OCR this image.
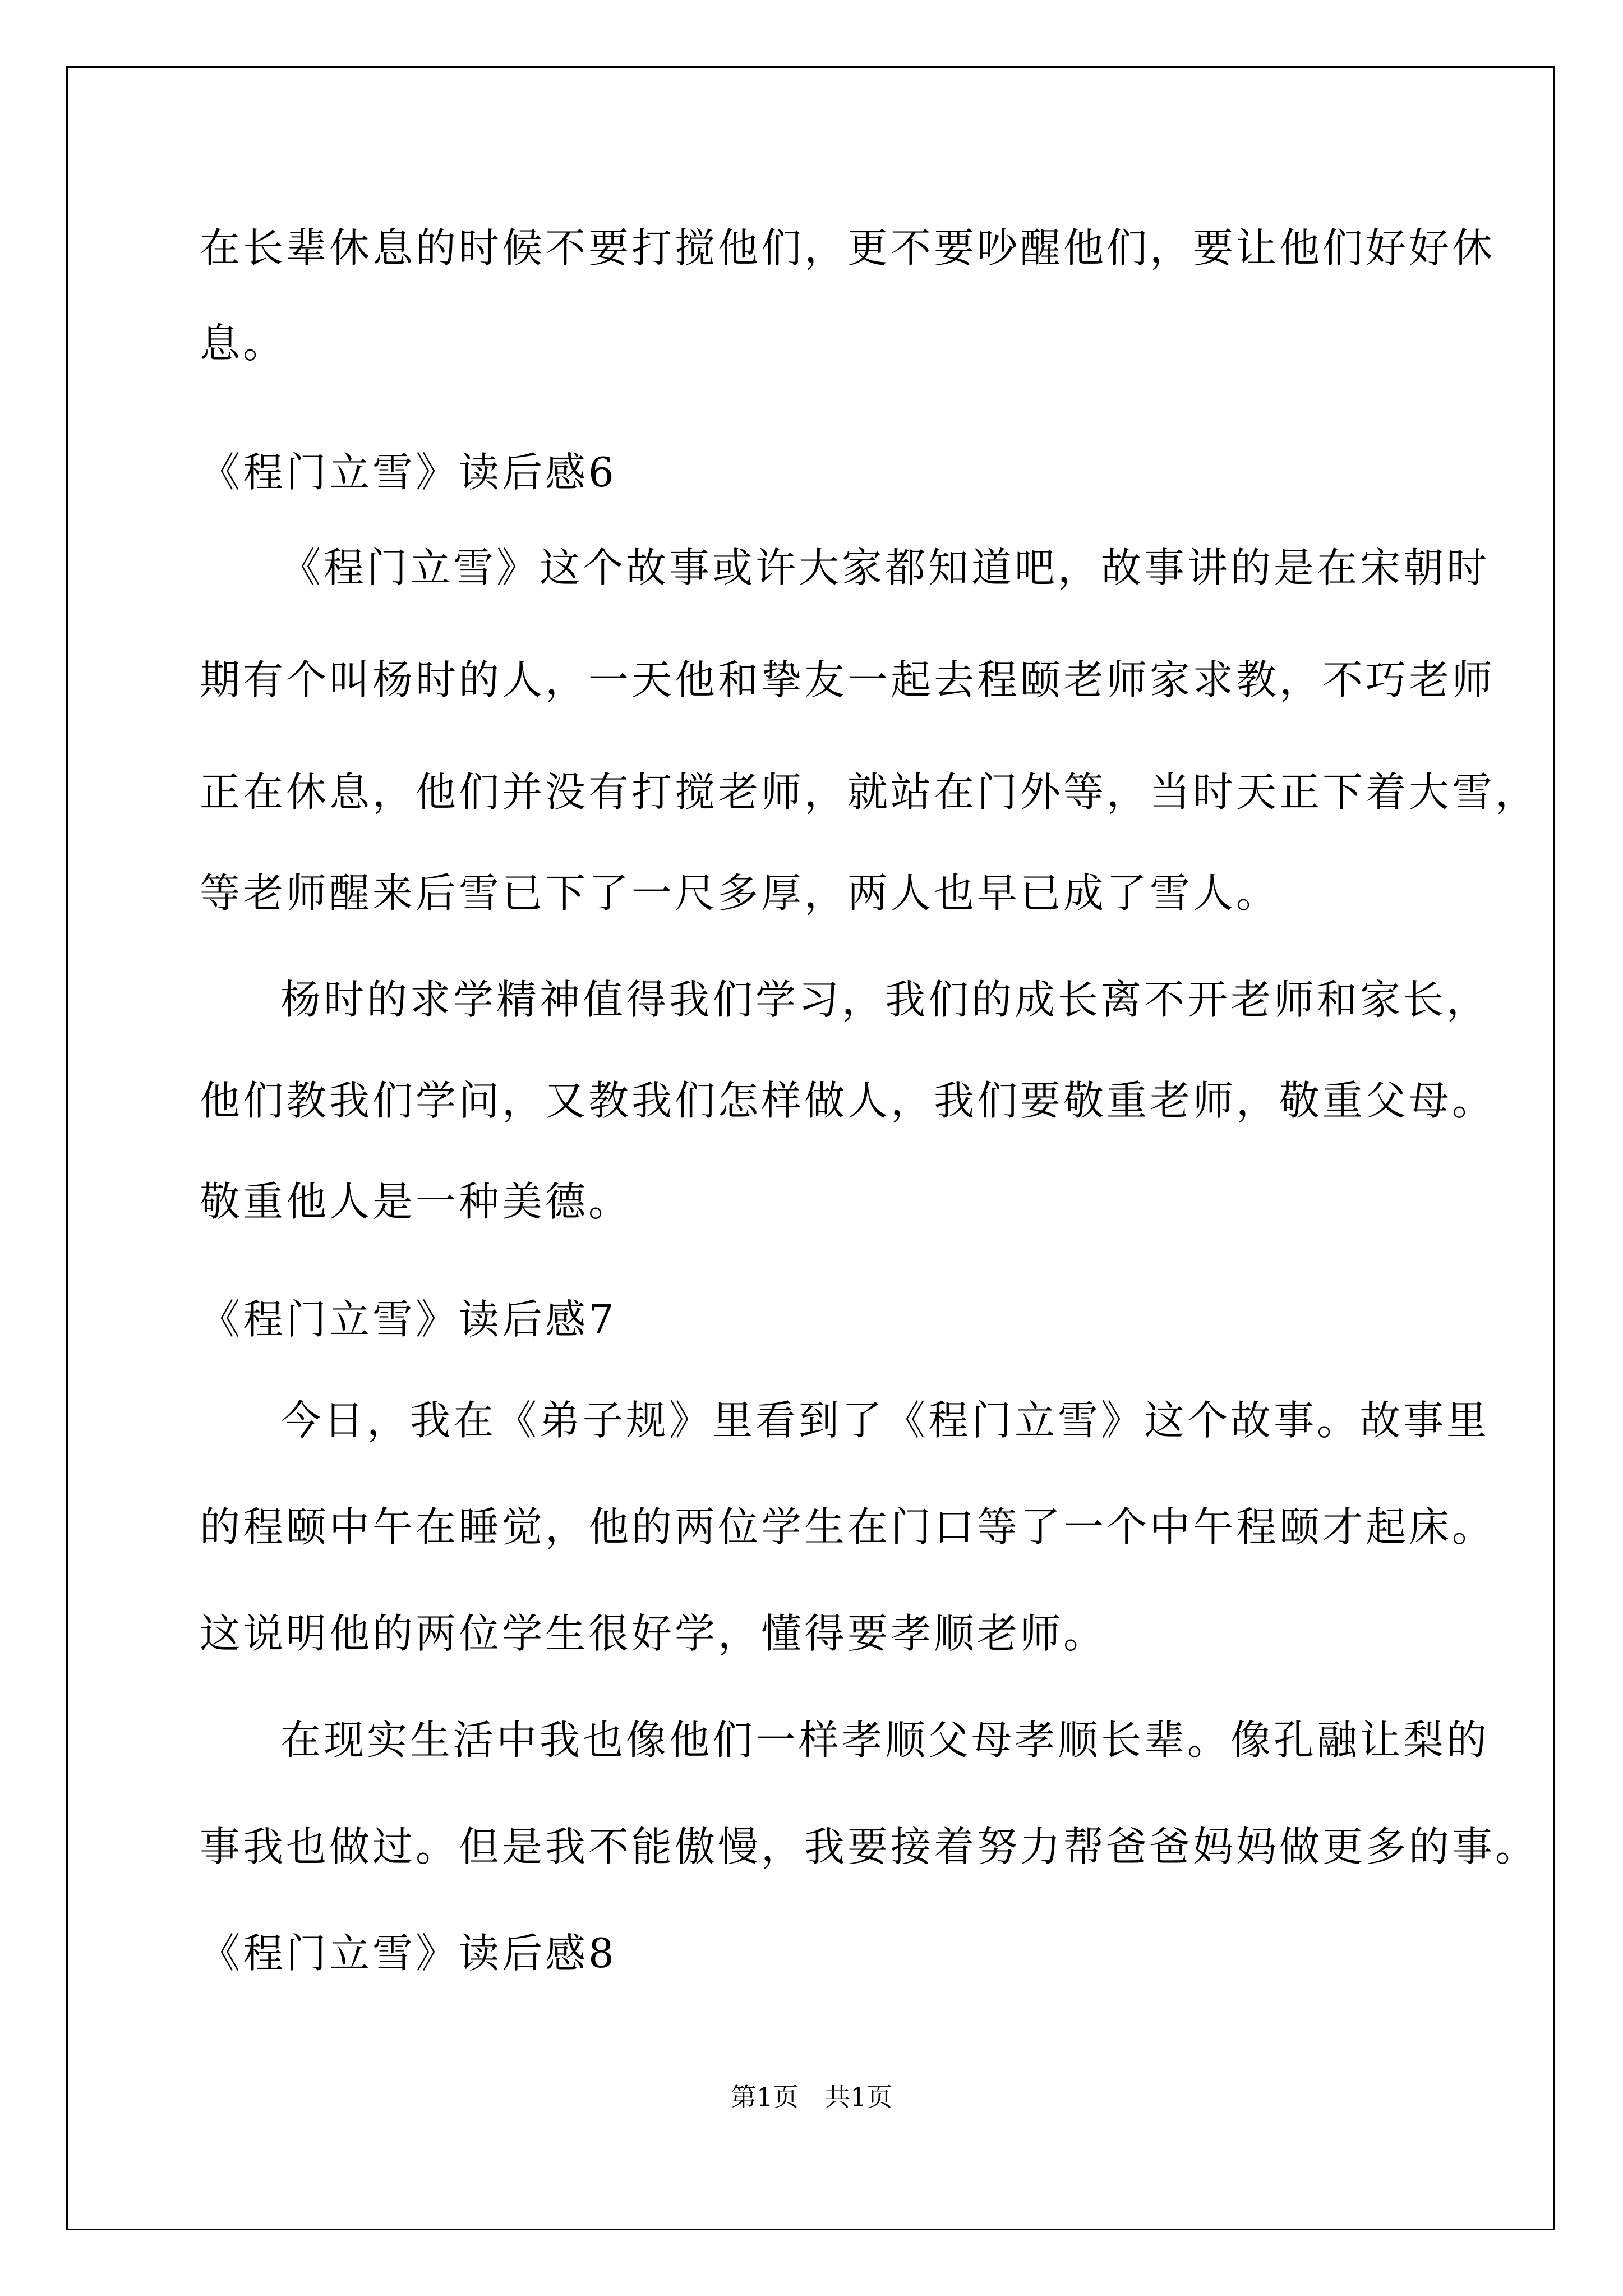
在长辈休息的时候不要打搅他们，更不要吵醒他们，要让他们好好休
息。
《程门立雪》读后感6
《程门立雪》这个故事或许大家都知道吧，故事讲的是在宋朝时
期有个叫杨时的人，一天他和挚友一起去程颐老师家求教，不巧老师
正在休息，他们并没有打搅老师，就站在门外等，当时天正下着大雪，
等老师醒来后雪已下了一尺多厚，两人也早已成了雪人。
杨时的求学精神值得我们学习，我们的成长离不开老师和家长，
他们教我们学问，又教我们怎样做人，我们要敬重老师，敬重父母。
敬重他人是一种美德。
《程门立雪》读后感7
今日，我在《弟子规》里看到了《程门立雪》这个故事。故事里
的程颐中午在睡觉，他的两位学生在门口等了一个中午程颐才起床。
这说明他的两位学生很好学，懂得要孝顺老师。
在现实生活中我也像他们一样孝顺父母孝顺长辈。像孔融让梨的
事我也做过。但是我不能傲慢，我要接着努力帮爸爸妈妈做更多的事。
《程门立雪》读后感8
第1页　共1页
